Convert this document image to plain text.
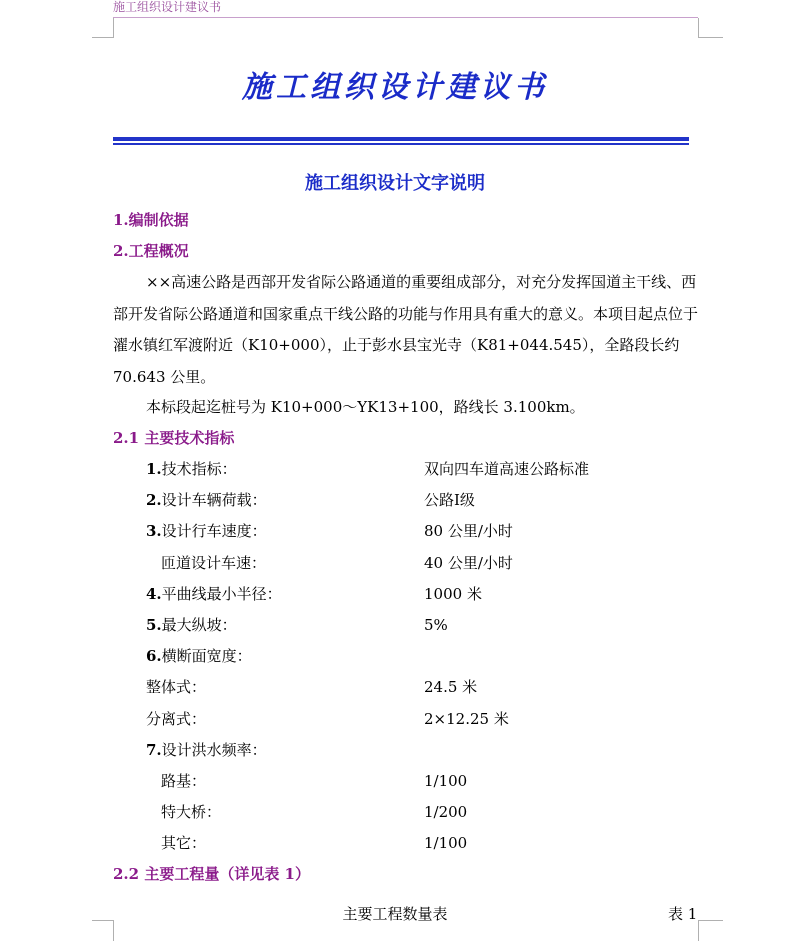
施工组织设计建议书
施工组织设计建议书
施工组织设计文字说明
1.编制依据
2.工程概况
××高速公路是西部开发省际公路通道的重要组成部分，对充分发挥国道主干线、西部开发省际公路通道和国家重点干线公路的功能与作用具有重大的意义。本项目起点位于濯水镇红军渡附近（K10+000），止于彭水县宝光寺（K81+044.545），全路段长约 70.643 公里。
本标段起迄桩号为 K10+000～YK13+100，路线长 3.100km。
2.1 主要技术指标
1.技术指标：	双向四车道高速公路标准
2.设计车辆荷载：	公路Ⅰ级
3.设计行车速度：	80 公里/小时
匝道设计车速：	40 公里/小时
4.平曲线最小半径：	1000 米
5.最大纵坡：	5%
6.横断面宽度：
整体式：	24.5 米
分离式：	2×12.25 米
7.设计洪水频率：
路基：	1/100
特大桥：	1/200
其它：	1/100
2.2 主要工程量（详见表 1）
主要工程数量表	表 1
